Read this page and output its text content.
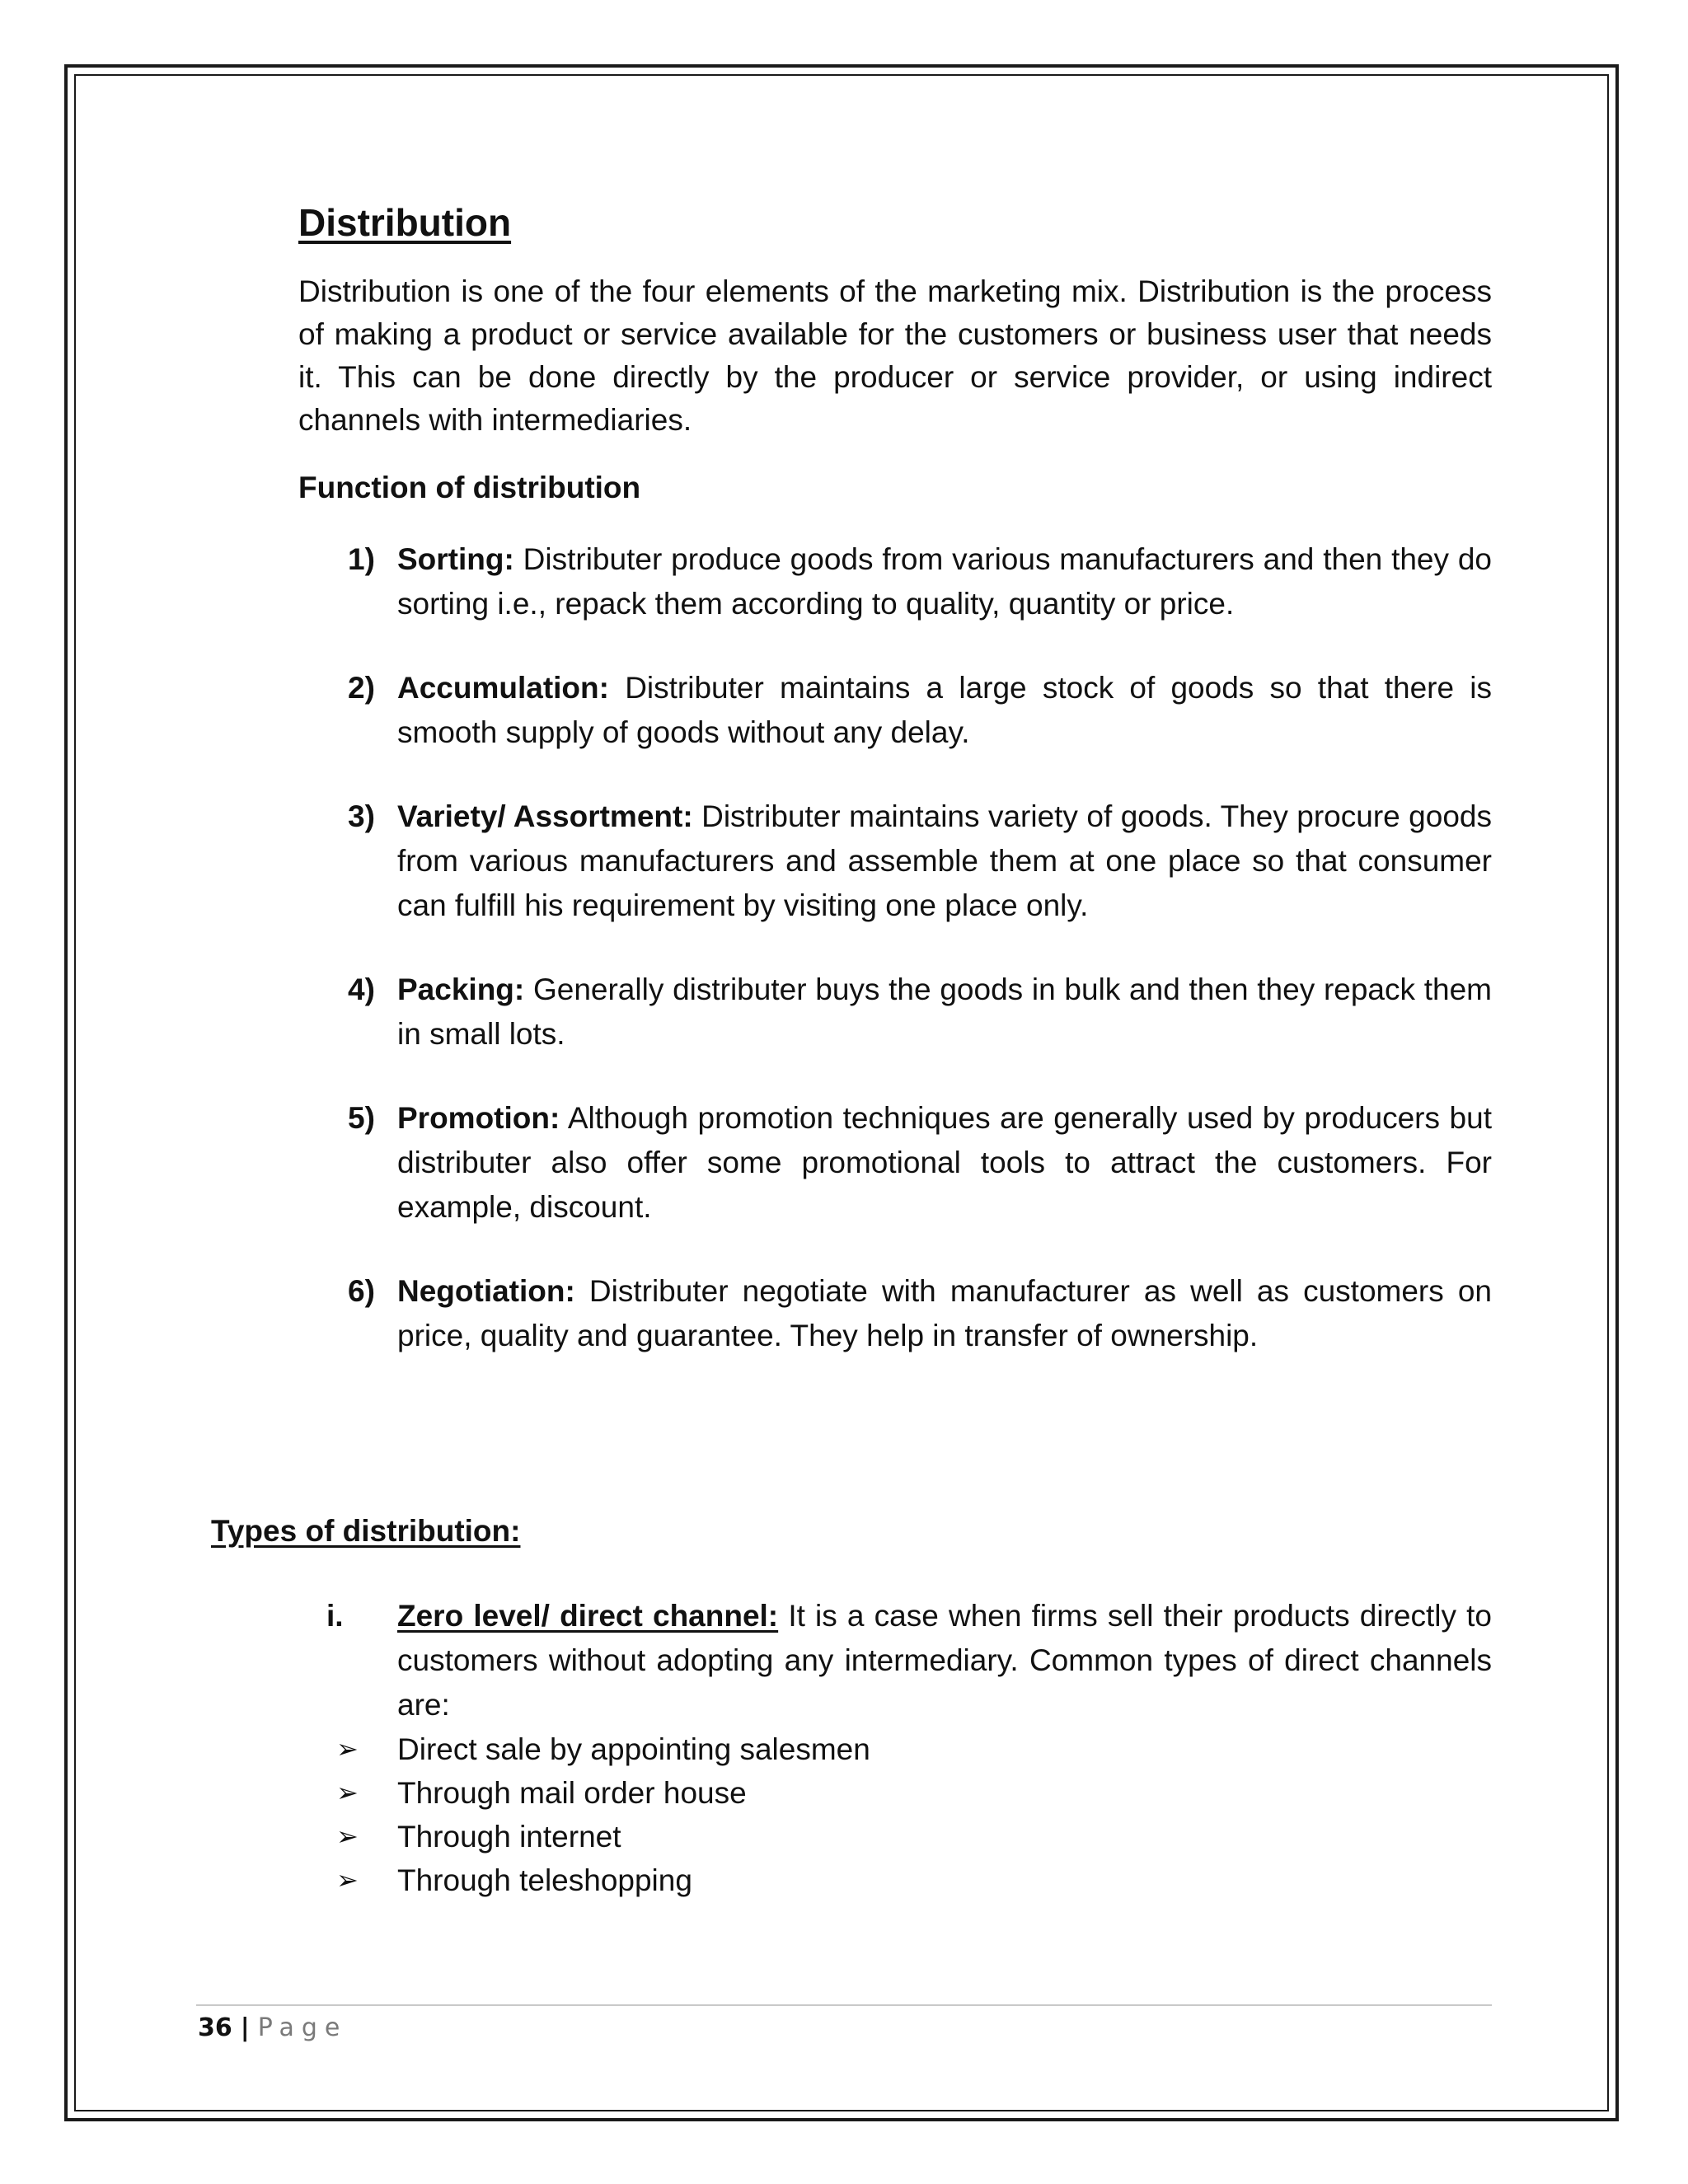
Distribution

Distribution is one of the four elements of the marketing mix. Distribution is the process of making a product or service available for the customers or business user that needs it. This can be done directly by the producer or service provider, or using indirect channels with intermediaries.

Function of distribution
1) Sorting: Distributer produce goods from various manufacturers and then they do sorting i.e., repack them according to quality, quantity or price.
2) Accumulation: Distributer maintains a large stock of goods so that there is smooth supply of goods without any delay.
3) Variety/ Assortment: Distributer maintains variety of goods. They procure goods from various manufacturers and assemble them at one place so that consumer can fulfill his requirement by visiting one place only.
4) Packing: Generally distributer buys the goods in bulk and then they repack them in small lots.
5) Promotion: Although promotion techniques are generally used by producers but distributer also offer some promotional tools to attract the customers. For example, discount.
6) Negotiation: Distributer negotiate with manufacturer as well as customers on price, quality and guarantee. They help in transfer of ownership.
Types of distribution:
i. Zero level/ direct channel: It is a case when firms sell their products directly to customers without adopting any intermediary. Common types of direct channels are:
➢ Direct sale by appointing salesmen
➢ Through mail order house
➢ Through internet
➢ Through teleshopping
36 | Page
